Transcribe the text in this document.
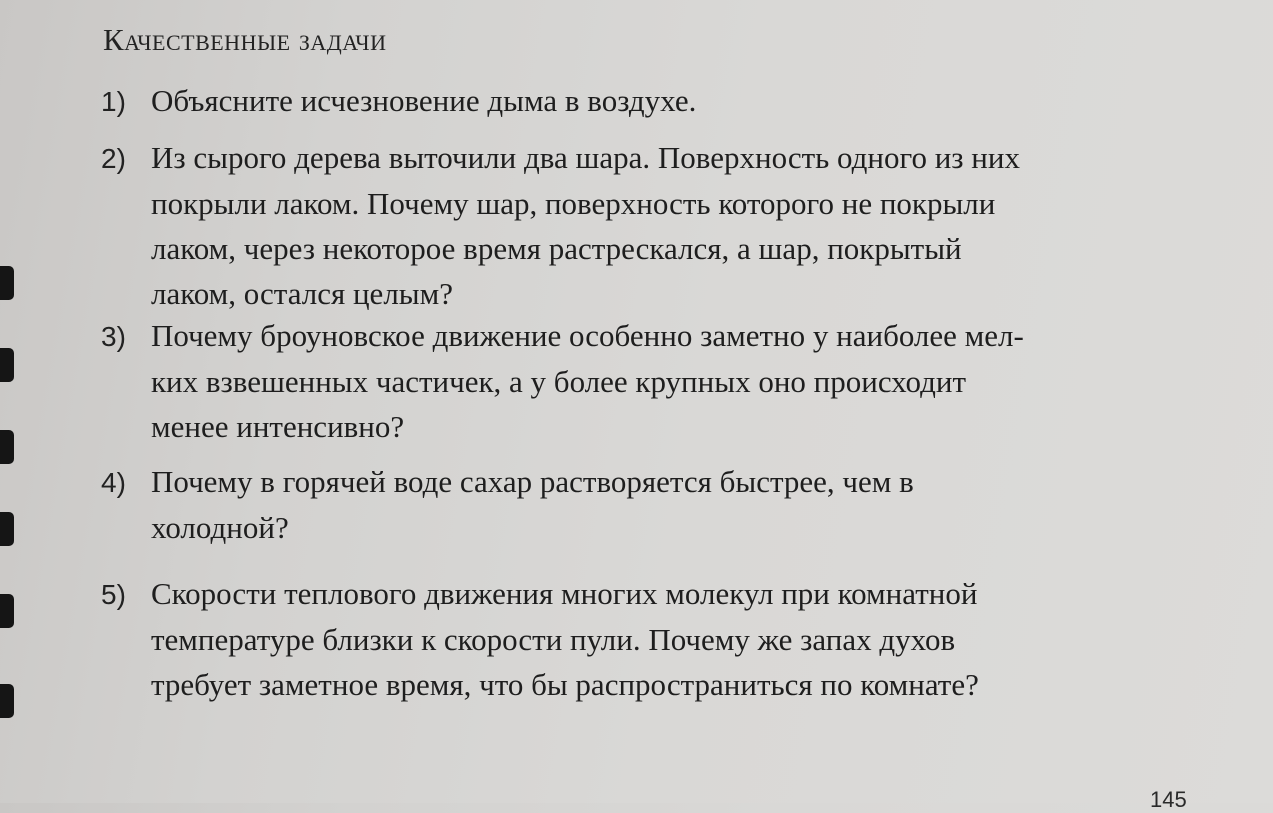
Качественные задачи
1) Объясните исчезновение дыма в воздухе.
2) Из сырого дерева выточили два шара. Поверхность одного из них
покрыли лаком. Почему шар, поверхность которого не покрыли
лаком, через некоторое время растрескался, а шар, покрытый
лаком, остался целым?
3) Почему броуновское движение особенно заметно у наиболее мел-
ких взвешенных частичек, а у более крупных оно происходит
менее интенсивно?
4) Почему в горячей воде сахар растворяется быстрее, чем в
холодной?
5) Скорости теплового движения многих молекул при комнатной
температуре близки к скорости пули. Почему же запах духов
требует заметное время, что бы распространиться по комнате?
145
